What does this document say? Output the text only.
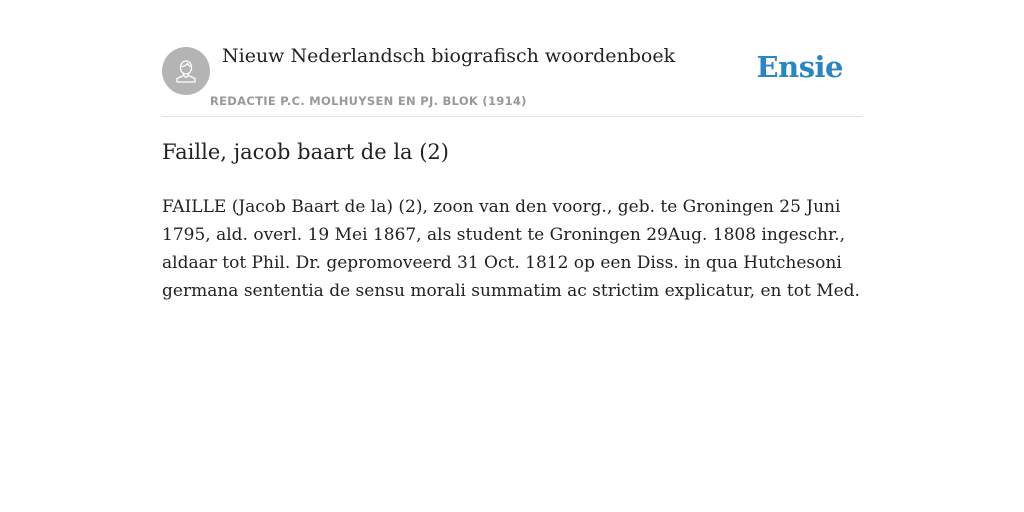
Nieuw Nederlandsch biografisch woordenboek
REDACTIE P.C. MOLHUYSEN EN PJ. BLOK (1914)
Ensie
Faille, jacob baart de la (2)

FAILLE (Jacob Baart de la) (2), zoon van den voorg., geb. te Groningen 25 Juni 1795, ald. overl. 19 Mei 1867, als student te Groningen 29Aug. 1808 ingeschr., aldaar tot Phil. Dr. gepromoveerd 31 Oct. 1812 op een Diss. in qua Hutchesoni germana sententia de sensu morali summatim ac strictim explicatur, en tot Med.
